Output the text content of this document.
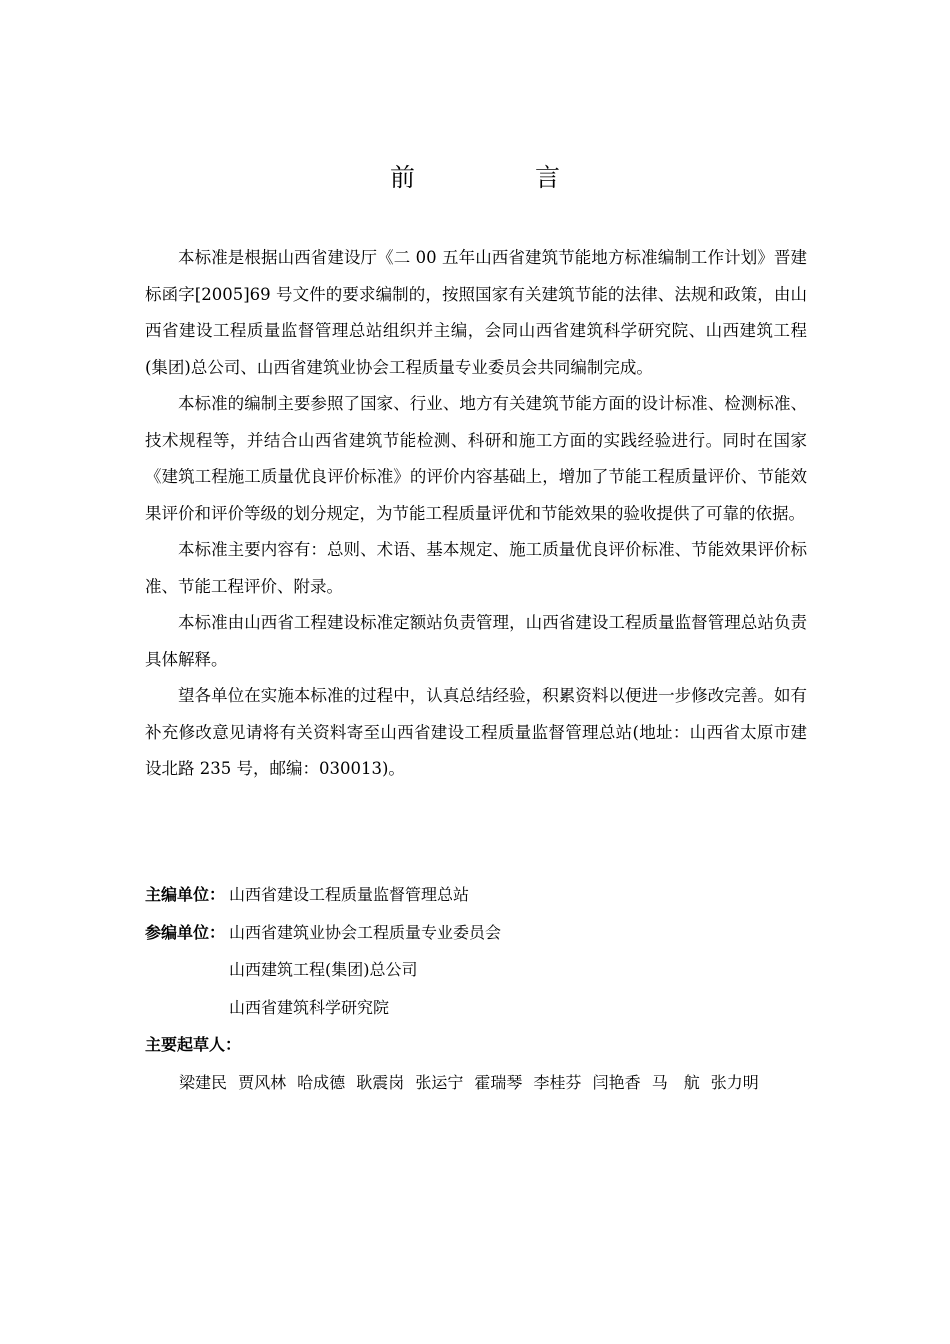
前 言

本标准是根据山西省建设厅《二 00 五年山西省建筑节能地方标准编制工作计划》晋建标函字[2005]69 号文件的要求编制的，按照国家有关建筑节能的法律、法规和政策，由山西省建设工程质量监督管理总站组织并主编，会同山西省建筑科学研究院、山西建筑工程(集团)总公司、山西省建筑业协会工程质量专业委员会共同编制完成。

本标准的编制主要参照了国家、行业、地方有关建筑节能方面的设计标准、检测标准、技术规程等，并结合山西省建筑节能检测、科研和施工方面的实践经验进行。同时在国家《建筑工程施工质量优良评价标准》的评价内容基础上，增加了节能工程质量评价、节能效果评价和评价等级的划分规定，为节能工程质量评优和节能效果的验收提供了可靠的依据。

本标准主要内容有：总则、术语、基本规定、施工质量优良评价标准、节能效果评价标准、节能工程评价、附录。

本标准由山西省工程建设标准定额站负责管理，山西省建设工程质量监督管理总站负责具体解释。

望各单位在实施本标准的过程中，认真总结经验，积累资料以便进一步修改完善。如有补充修改意见请将有关资料寄至山西省建设工程质量监督管理总站(地址：山西省太原市建设北路 235 号，邮编：030013)。

主编单位： 山西省建设工程质量监督管理总站
参编单位： 山西省建筑业协会工程质量专业委员会
山西建筑工程(集团)总公司
山西省建筑科学研究院
主要起草人：
梁建民 贾风林 哈成德 耿震岗 张运宁 霍瑞琴 李桂芬 闫艳香 马　航 张力明
